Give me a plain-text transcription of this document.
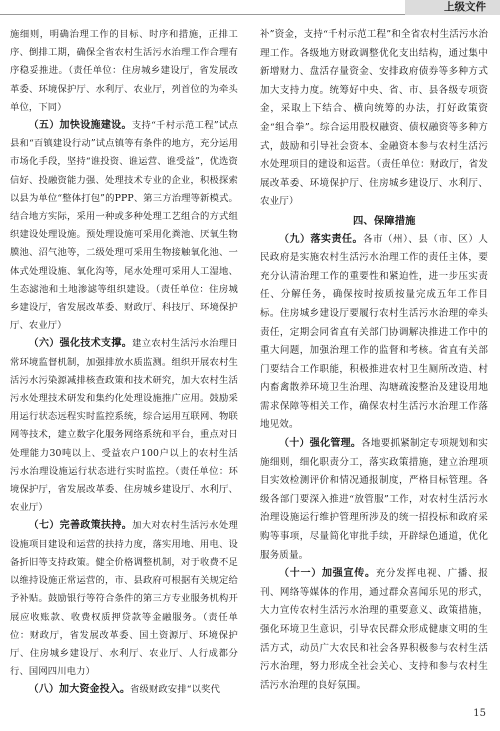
上级文件

施细则，明确治理工作的目标、时序和措施，正排工序、倒排工期，确保全省农村生活污水治理工作合理有序稳妥推进。（责任单位：住房城乡建设厅，省发展改革委、环境保护厅、水利厅、农业厅，列首位的为牵头单位，下同）

（五）加快设施建设。支持“千村示范工程”试点县和“百镇建设行动”试点镇等有条件的地方，充分运用市场化手段，坚持“谁投资、谁运营、谁受益”，优选资信好、投融资能力强、处理技术专业的企业，积极探索以县为单位“整体打包”的PPP、第三方治理等新模式。结合地方实际，采用一种或多种处理工艺组合的方式组织建设处理设施。预处理设施可采用化粪池、厌氧生物膜池、沼气池等，二级处理可采用生物接触氧化池、一体式处理设施、氧化沟等，尾水处理可采用人工湿地、生态滤池和土地渗滤等组织建设。（责任单位：住房城乡建设厅，省发展改革委、财政厅、科技厅、环境保护厅、农业厅）

（六）强化技术支撑。建立农村生活污水治理日常环境监督机制，加强排放水质监测。组织开展农村生活污水污染源减排核查政策和技术研究，加大农村生活污水处理技术研发和集约化处理设施推广应用。鼓励采用运行状态远程实时监控系统，综合运用互联网、物联网等技术，建立数字化服务网络系统和平台，重点对日处理能力30吨以上、受益农户100户以上的农村生活污水治理设施运行状态进行实时监控。（责任单位：环境保护厅，省发展改革委、住房城乡建设厅、水利厅、农业厅）

（七）完善政策扶持。加大对农村生活污水处理设施项目建设和运营的扶持力度，落实用地、用电、设备折旧等支持政策。健全价格调整机制，对于收费不足以维持设施正常运营的，市、县政府可根据有关规定给予补贴。鼓励银行等符合条件的第三方专业服务机构开展应收账款、收费权质押贷款等金融服务。（责任单位：财政厅，省发展改革委、国土资源厅、环境保护厅、住房城乡建设厅、水利厅、农业厅、人行成都分行、国网四川电力）

（八）加大资金投入。省级财政安排“以奖代

补”资金，支持“千村示范工程”和全省农村生活污水治理工作。各级地方财政调整优化支出结构，通过集中新增财力、盘活存量资金、安排政府债券等多种方式加大支持力度。统筹好中央、省、市、县各级专项资金，采取上下结合、横向统筹的办法，打好政策资金“组合拳”。综合运用股权融资、债权融资等多种方式，鼓励和引导社会资本、金融资本参与农村生活污水处理项目的建设和运营。（责任单位：财政厅，省发展改革委、环境保护厅、住房城乡建设厅、水利厅、农业厅）

四、保障措施

（九）落实责任。各市（州）、县（市、区）人民政府是实施农村生活污水治理工作的责任主体，要充分认清治理工作的重要性和紧迫性，进一步压实责任、分解任务，确保按时按质按量完成五年工作目标。住房城乡建设厅要履行农村生活污水治理的牵头责任，定期会同省直有关部门协调解决推进工作中的重大问题，加强治理工作的监督和考核。省直有关部门要结合工作职能，积极推进农村卫生厕所改造、村内畜禽散养环境卫生治理、沟塘疏浚整治及建设用地需求保障等相关工作，确保农村生活污水治理工作落地见效。

（十）强化管理。各地要抓紧制定专项规划和实施细则，细化职责分工，落实政策措施，建立治理项目实效检测评价和情况通报制度，严格目标管理。各级各部门要深入推进“放管服”工作，对农村生活污水治理设施运行维护管理所涉及的统一招投标和政府采购等事项，尽量简化审批手续，开辟绿色通道，优化服务质量。

（十一）加强宣传。充分发挥电视、广播、报刊、网络等媒体的作用，通过群众喜闻乐见的形式，大力宣传农村生活污水治理的重要意义、政策措施，强化环境卫生意识，引导农民群众形成健康文明的生活方式，动员广大农民和社会各界积极参与农村生活污水治理，努力形成全社会关心、支持和参与农村生活污水治理的良好氛围。

15
